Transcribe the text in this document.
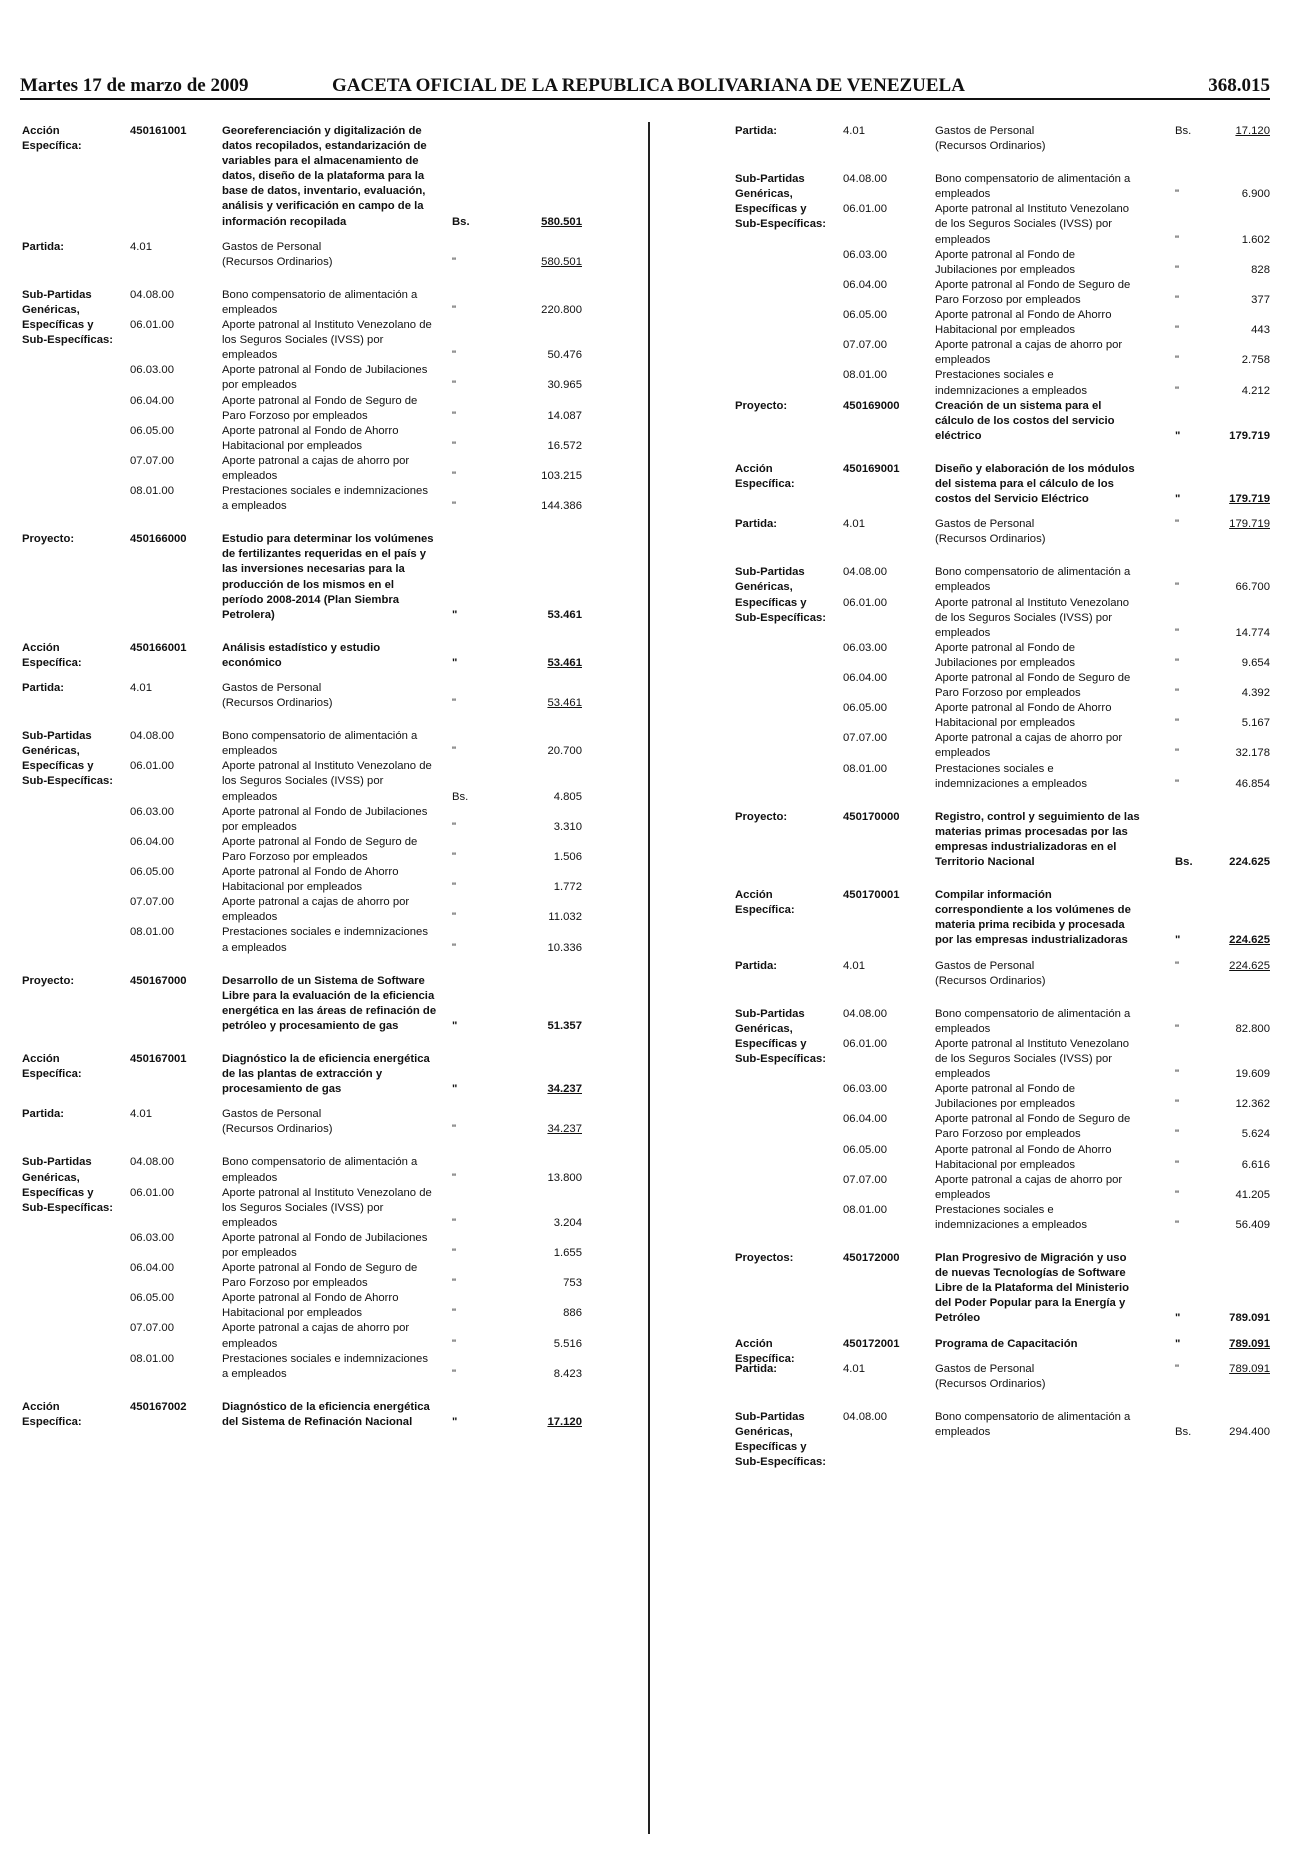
Martes 17 de marzo de 2009	GACETA OFICIAL DE LA REPUBLICA BOLIVARIANA DE VENEZUELA	368.015
Acción
Específica:
450161001	Georeferenciación y digitalización de datos recopilados, estandarización de variables para el almacenamiento de datos, diseño de la plataforma para la base de datos, inventario, evaluación, análisis y verificación en campo de la información recopilada	Bs.	580.501
Partida:	4.01	Gastos de Personal
(Recursos Ordinarios)	"	580.501
Sub-Partidas
Genéricas,
Específicas y
Sub-Específicas:
04.08.00	Bono compensatorio de alimentación a empleados	"	220.800
06.01.00	Aporte patronal al Instituto Venezolano de los Seguros Sociales (IVSS) por empleados	"	50.476
06.03.00	Aporte patronal al Fondo de Jubilaciones por empleados	"	30.965
06.04.00	Aporte patronal al Fondo de Seguro de Paro Forzoso por empleados	"	14.087
06.05.00	Aporte patronal al Fondo de Ahorro Habitacional por empleados	"	16.572
07.07.00	Aporte patronal a cajas de ahorro por empleados	"	103.215
08.01.00	Prestaciones sociales e indemnizaciones a empleados	"	144.386
Proyecto:	450166000	Estudio para determinar los volúmenes de fertilizantes requeridas en el país y las inversiones necesarias para la producción de los mismos en el período 2008-2014 (Plan Siembra Petrolera)	"	53.461
Acción
Específica:
450166001	Análisis estadístico y estudio económico	"	53.461
Partida:	4.01	Gastos de Personal
(Recursos Ordinarios)	"	53.461
Sub-Partidas
Genéricas,
Específicas y
Sub-Específicas:
04.08.00	Bono compensatorio de alimentación a empleados	"	20.700
06.01.00	Aporte patronal al Instituto Venezolano de los Seguros Sociales (IVSS) por empleados	Bs.	4.805
06.03.00	Aporte patronal al Fondo de Jubilaciones por empleados	"	3.310
06.04.00	Aporte patronal al Fondo de Seguro de Paro Forzoso por empleados	"	1.506
06.05.00	Aporte patronal al Fondo de Ahorro Habitacional por empleados	"	1.772
07.07.00	Aporte patronal a cajas de ahorro por empleados	"	11.032
08.01.00	Prestaciones sociales e indemnizaciones a empleados	"	10.336
Proyecto:	450167000	Desarrollo de un Sistema de Software Libre para la evaluación de la eficiencia energética en las áreas de refinación de petróleo y procesamiento de gas	"	51.357
Acción
Específica:
450167001	Diagnóstico la de eficiencia energética de las plantas de extracción y procesamiento de gas	"	34.237
Partida:	4.01	Gastos de Personal
(Recursos Ordinarios)	"	34.237
Sub-Partidas
Genéricas,
Específicas y
Sub-Específicas:
04.08.00	Bono compensatorio de alimentación a empleados	"	13.800
06.01.00	Aporte patronal al Instituto Venezolano de los Seguros Sociales (IVSS) por empleados	"	3.204
06.03.00	Aporte patronal al Fondo de Jubilaciones por empleados	"	1.655
06.04.00	Aporte patronal al Fondo de Seguro de Paro Forzoso por empleados	"	753
06.05.00	Aporte patronal al Fondo de Ahorro Habitacional por empleados	"	886
07.07.00	Aporte patronal a cajas de ahorro por empleados	"	5.516
08.01.00	Prestaciones sociales e indemnizaciones a empleados	"	8.423
Acción
Específica:
450167002	Diagnóstico de la eficiencia energética del Sistema de Refinación Nacional	"	17.120
Partida:	4.01	Gastos de Personal
(Recursos Ordinarios)
Bs.	17.120
Sub-Partidas
Genéricas,
Específicas y
Sub-Específicas:
04.08.00	Bono compensatorio de alimentación a empleados	"	6.900
06.01.00	Aporte patronal al Instituto Venezolano de los Seguros Sociales (IVSS) por empleados	"	1.602
06.03.00	Aporte patronal al Fondo de Jubilaciones por empleados	"	828
06.04.00	Aporte patronal al Fondo de Seguro de Paro Forzoso por empleados	"	377
06.05.00	Aporte patronal al Fondo de Ahorro Habitacional por empleados	"	443
07.07.00	Aporte patronal a cajas de ahorro por empleados	"	2.758
08.01.00	Prestaciones sociales e indemnizaciones a empleados	"	4.212
Proyecto:	450169000	Creación de un sistema para el cálculo de los costos del servicio eléctrico	"	179.719
Acción
Específica:
450169001	Diseño y elaboración de los módulos del sistema para el cálculo de los costos del Servicio Eléctrico	"	179.719
Partida:	4.01	Gastos de Personal
(Recursos Ordinarios)
"	179.719
Sub-Partidas
Genéricas,
Específicas y
Sub-Específicas:
04.08.00	Bono compensatorio de alimentación a empleados	"	66.700
06.01.00	Aporte patronal al Instituto Venezolano de los Seguros Sociales (IVSS) por empleados	"	14.774
06.03.00	Aporte patronal al Fondo de Jubilaciones por empleados	"	9.654
06.04.00	Aporte patronal al Fondo de Seguro de Paro Forzoso por empleados	"	4.392
06.05.00	Aporte patronal al Fondo de Ahorro Habitacional por empleados	"	5.167
07.07.00	Aporte patronal a cajas de ahorro por empleados	"	32.178
08.01.00	Prestaciones sociales e indemnizaciones a empleados	"	46.854
Proyecto:	450170000	Registro, control y seguimiento de las materias primas procesadas por las empresas industrializadoras en el Territorio Nacional	Bs.	224.625
Acción
Específica:
450170001	Compilar información correspondiente a los volúmenes de materia prima recibida y procesada por las empresas industrializadoras	"	224.625
Partida:	4.01	Gastos de Personal
(Recursos Ordinarios)
"	224.625
Sub-Partidas
Genéricas,
Específicas y
Sub-Específicas:
04.08.00	Bono compensatorio de alimentación a empleados	"	82.800
06.01.00	Aporte patronal al Instituto Venezolano de los Seguros Sociales (IVSS) por empleados	"	19.609
06.03.00	Aporte patronal al Fondo de Jubilaciones por empleados	"	12.362
06.04.00	Aporte patronal al Fondo de Seguro de Paro Forzoso por empleados	"	5.624
06.05.00	Aporte patronal al Fondo de Ahorro Habitacional por empleados	"	6.616
07.07.00	Aporte patronal a cajas de ahorro por empleados	"	41.205
08.01.00	Prestaciones sociales e indemnizaciones a empleados	"	56.409
Proyectos:	450172000	Plan Progresivo de Migración y uso de nuevas Tecnologías de Software Libre de la Plataforma del Ministerio del Poder Popular para la Energía y Petróleo	"	789.091
Acción
Específica:
450172001	Programa de Capacitación	"	789.091
Partida:	4.01	Gastos de Personal
(Recursos Ordinarios)
"	789.091
Sub-Partidas
Genéricas,
Específicas y
Sub-Específicas:
04.08.00	Bono compensatorio de alimentación a empleados	Bs.	294.400
